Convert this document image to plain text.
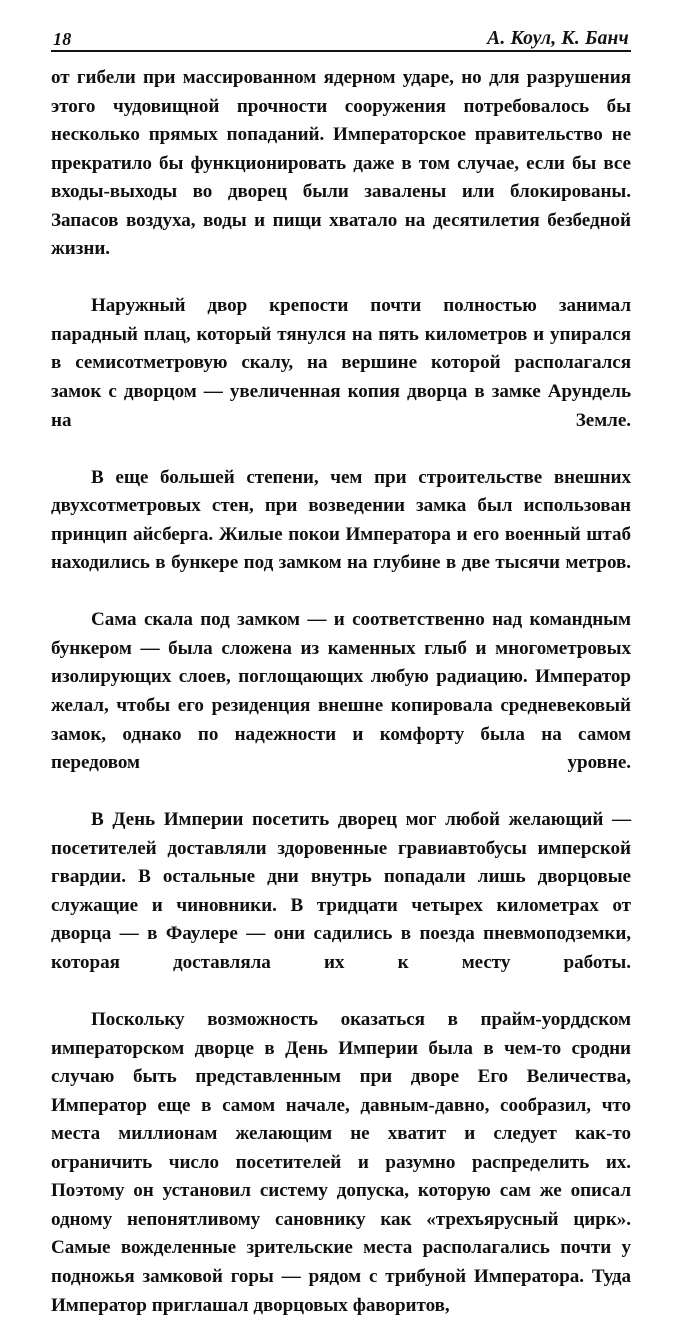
18	А. Коул, К. Банч

от гибели при массированном ядерном ударе, но для разрушения этого чудовищной прочности сооружения потребовалось бы несколько прямых попаданий. Императорское правительство не прекратило бы функционировать даже в том случае, если бы все входы-выходы во дворец были завалены или блокированы. Запасов воздуха, воды и пищи хватало на десятилетия безбедной жизни.

Наружный двор крепости почти полностью занимал парадный плац, который тянулся на пять километров и упирался в семисотметровую скалу, на вершине которой располагался замок с дворцом — увеличенная копия дворца в замке Арундель на Земле.

В еще большей степени, чем при строительстве внешних двухсотметровых стен, при возведении замка был использован принцип айсберга. Жилые покои Императора и его военный штаб находились в бункере под замком на глубине в две тысячи метров.

Сама скала под замком — и соответственно над командным бункером — была сложена из каменных глыб и многометровых изолирующих слоев, поглощающих любую радиацию. Император желал, чтобы его резиденция внешне копировала средневековый замок, однако по надежности и комфорту была на самом передовом уровне.

В День Империи посетить дворец мог любой желающий — посетителей доставляли здоровенные гравиавтобусы имперской гвардии. В остальные дни внутрь попадали лишь дворцовые служащие и чиновники. В тридцати четырех километрах от дворца — в Фаулере — они садились в поезда пневмоподземки, которая доставляла их к месту работы.

Поскольку возможность оказаться в прайм-уорддском императорском дворце в День Империи была в чем-то сродни случаю быть представленным при дворе Его Величества, Император еще в самом начале, давным-давно, сообразил, что места миллионам желающим не хватит и следует как-то ограничить число посетителей и разумно распределить их. Поэтому он установил систему допуска, которую сам же описал одному непонятливому сановнику как «трехъярусный цирк». Самые вожделенные зрительские места располагались почти у подножья замковой горы — рядом с трибуной Императора. Туда Император приглашал дворцовых фаворитов,
